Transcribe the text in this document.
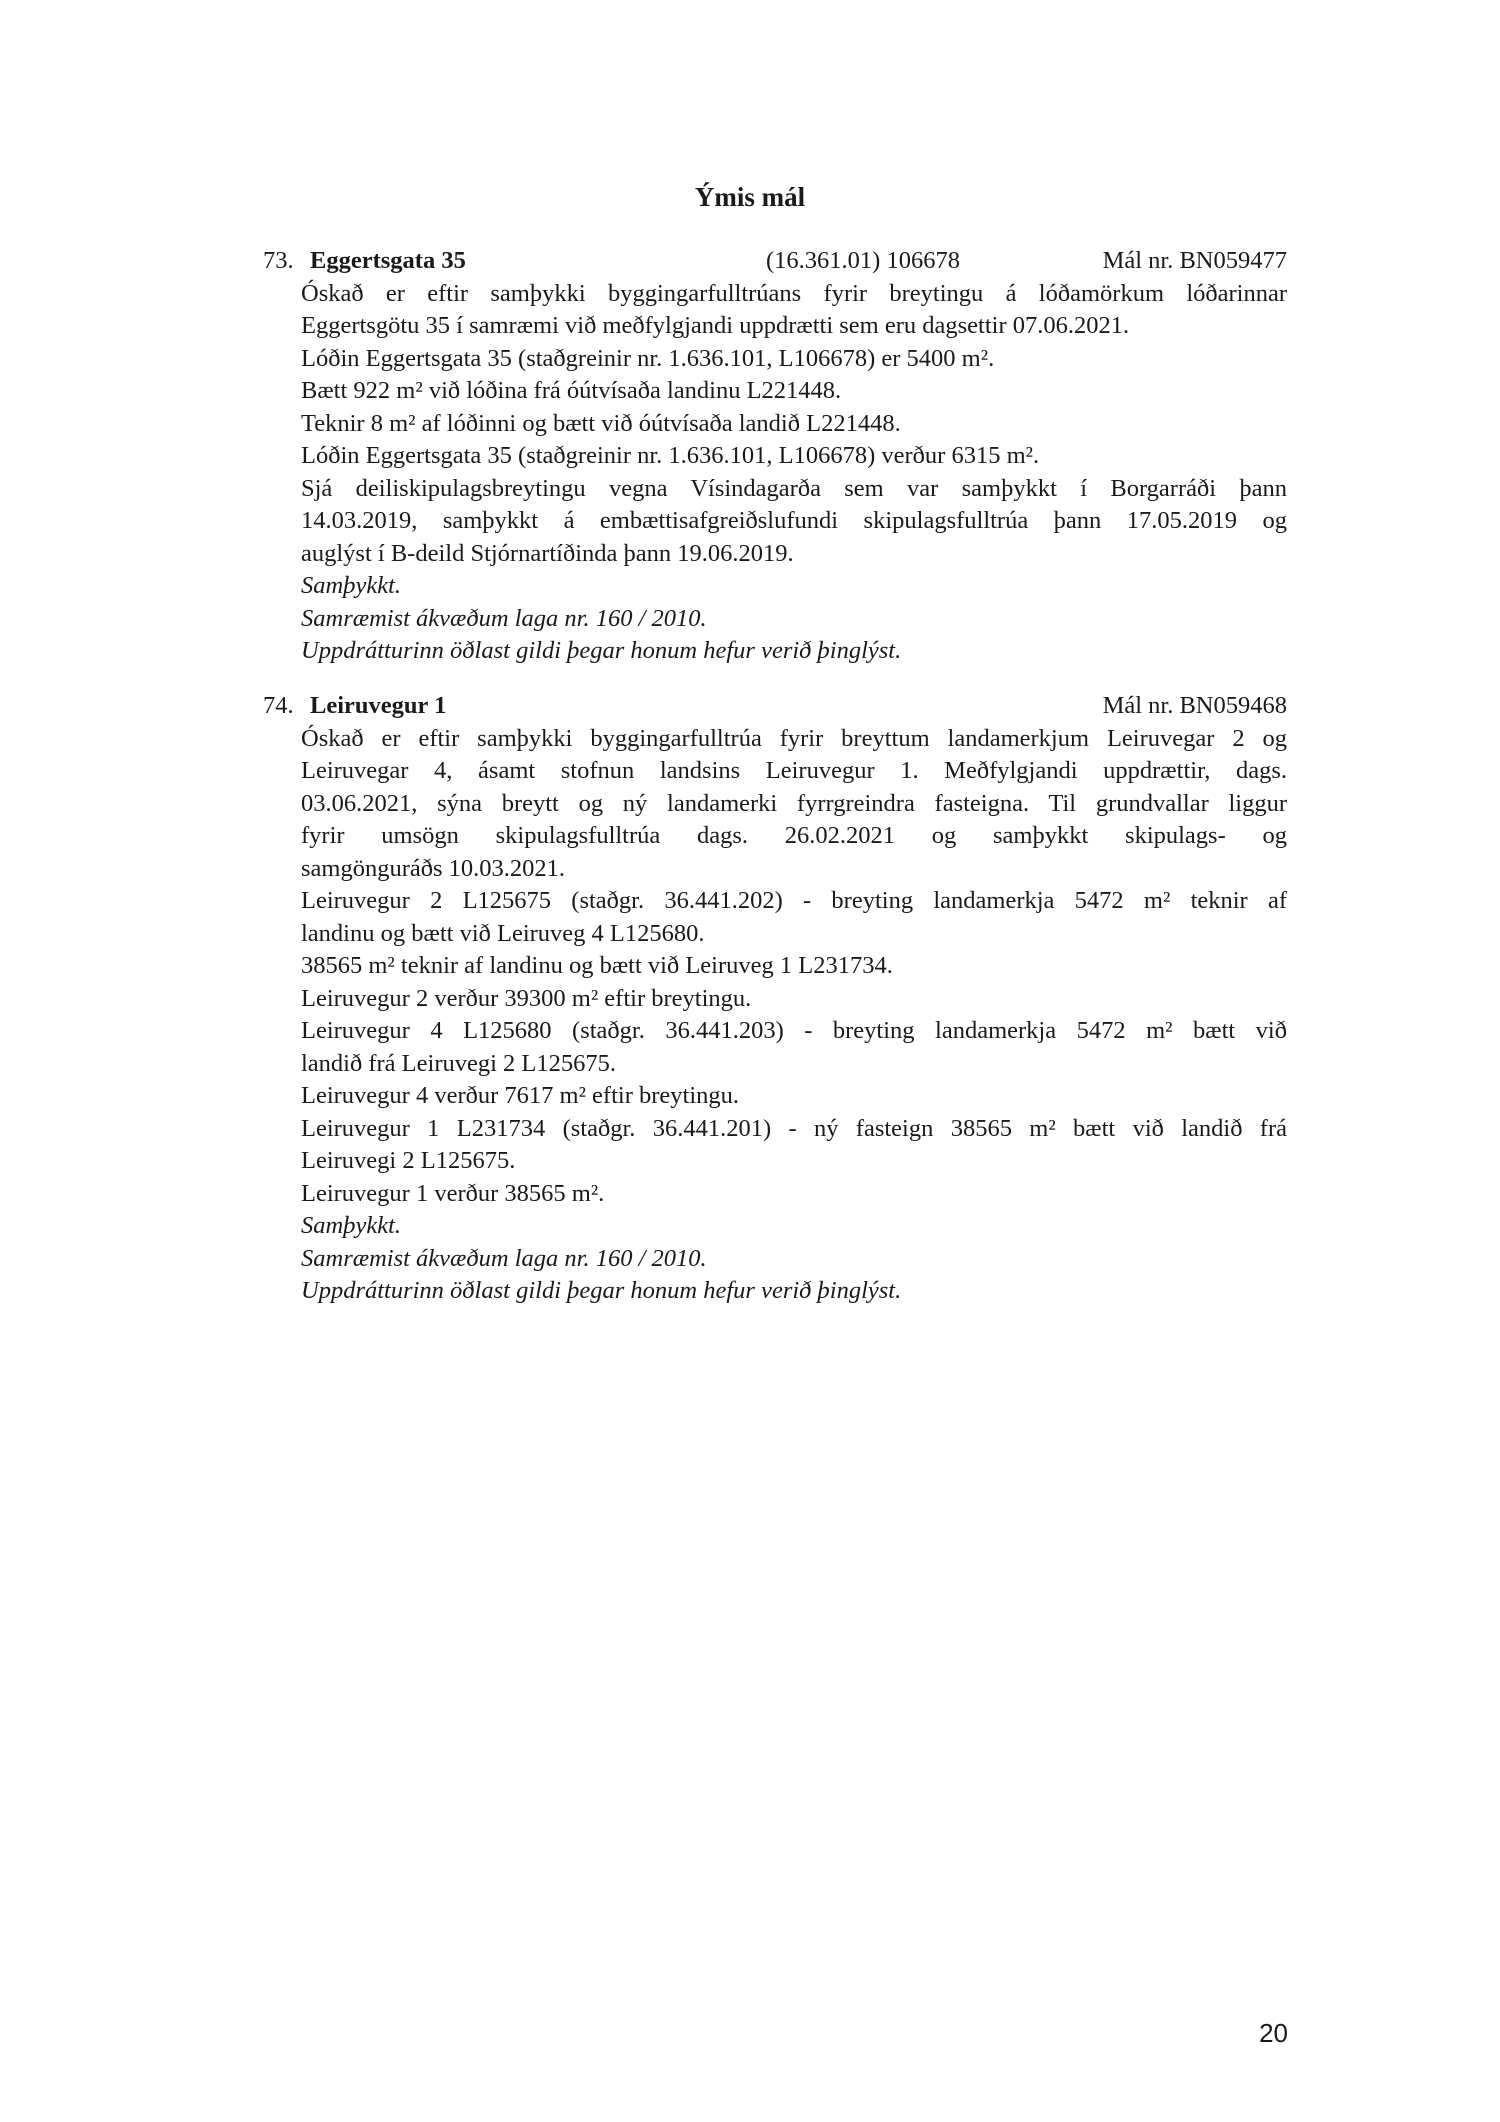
Ýmis mál
73. Eggertsgata 35	(16.361.01) 106678	Mál nr. BN059477
Óskað er eftir samþykki byggingarfulltrúans fyrir breytingu á lóðamörkum lóðarinnar
Eggertsgötu 35 í samræmi við meðfylgjandi uppdrætti sem eru dagsettir 07.06.2021.
Lóðin Eggertsgata 35 (staðgreinir nr. 1.636.101, L106678) er 5400 m².
Bætt 922 m² við lóðina frá óútvísaða landinu L221448.
Teknir 8 m² af lóðinni og bætt við óútvísaða landið L221448.
Lóðin Eggertsgata 35 (staðgreinir nr. 1.636.101, L106678) verður 6315 m².
Sjá deiliskipulagsbreytingu vegna Vísindagarða sem var samþykkt í Borgarráði þann
14.03.2019, samþykkt á embættisafgreiðslufundi skipulagsfulltrúa þann 17.05.2019 og
auglýst í B-deild Stjórnartíðinda þann 19.06.2019.
Samþykkt.
Samræmist ákvæðum laga nr. 160 / 2010.
Uppdrátturinn öðlast gildi þegar honum hefur verið þinglýst.
74. Leiruvegur 1	Mál nr. BN059468
Óskað er eftir samþykki byggingarfulltrúa fyrir breyttum landamerkjum Leiruvegar 2 og
Leiruvegar 4, ásamt stofnun landsins Leiruvegur 1. Meðfylgjandi uppdrættir, dags.
03.06.2021, sýna breytt og ný landamerki fyrrgreindra fasteigna. Til grundvallar liggur
fyrir umsögn skipulagsfulltrúa dags. 26.02.2021 og samþykkt skipulags- og
samgönguráðs 10.03.2021.
Leiruvegur 2 L125675 (staðgr. 36.441.202) - breyting landamerkja 5472 m² teknir af
landinu og bætt við Leiruveg 4 L125680.
38565 m² teknir af landinu og bætt við Leiruveg 1 L231734.
Leiruvegur 2 verður 39300 m² eftir breytingu.
Leiruvegur 4 L125680 (staðgr. 36.441.203) - breyting landamerkja 5472 m² bætt við
landið frá Leiruvegi 2 L125675.
Leiruvegur 4 verður 7617 m² eftir breytingu.
Leiruvegur 1 L231734 (staðgr. 36.441.201) - ný fasteign 38565 m² bætt við landið frá
Leiruvegi 2 L125675.
Leiruvegur 1 verður 38565 m².
Samþykkt.
Samræmist ákvæðum laga nr. 160 / 2010.
Uppdrátturinn öðlast gildi þegar honum hefur verið þinglýst.
20
